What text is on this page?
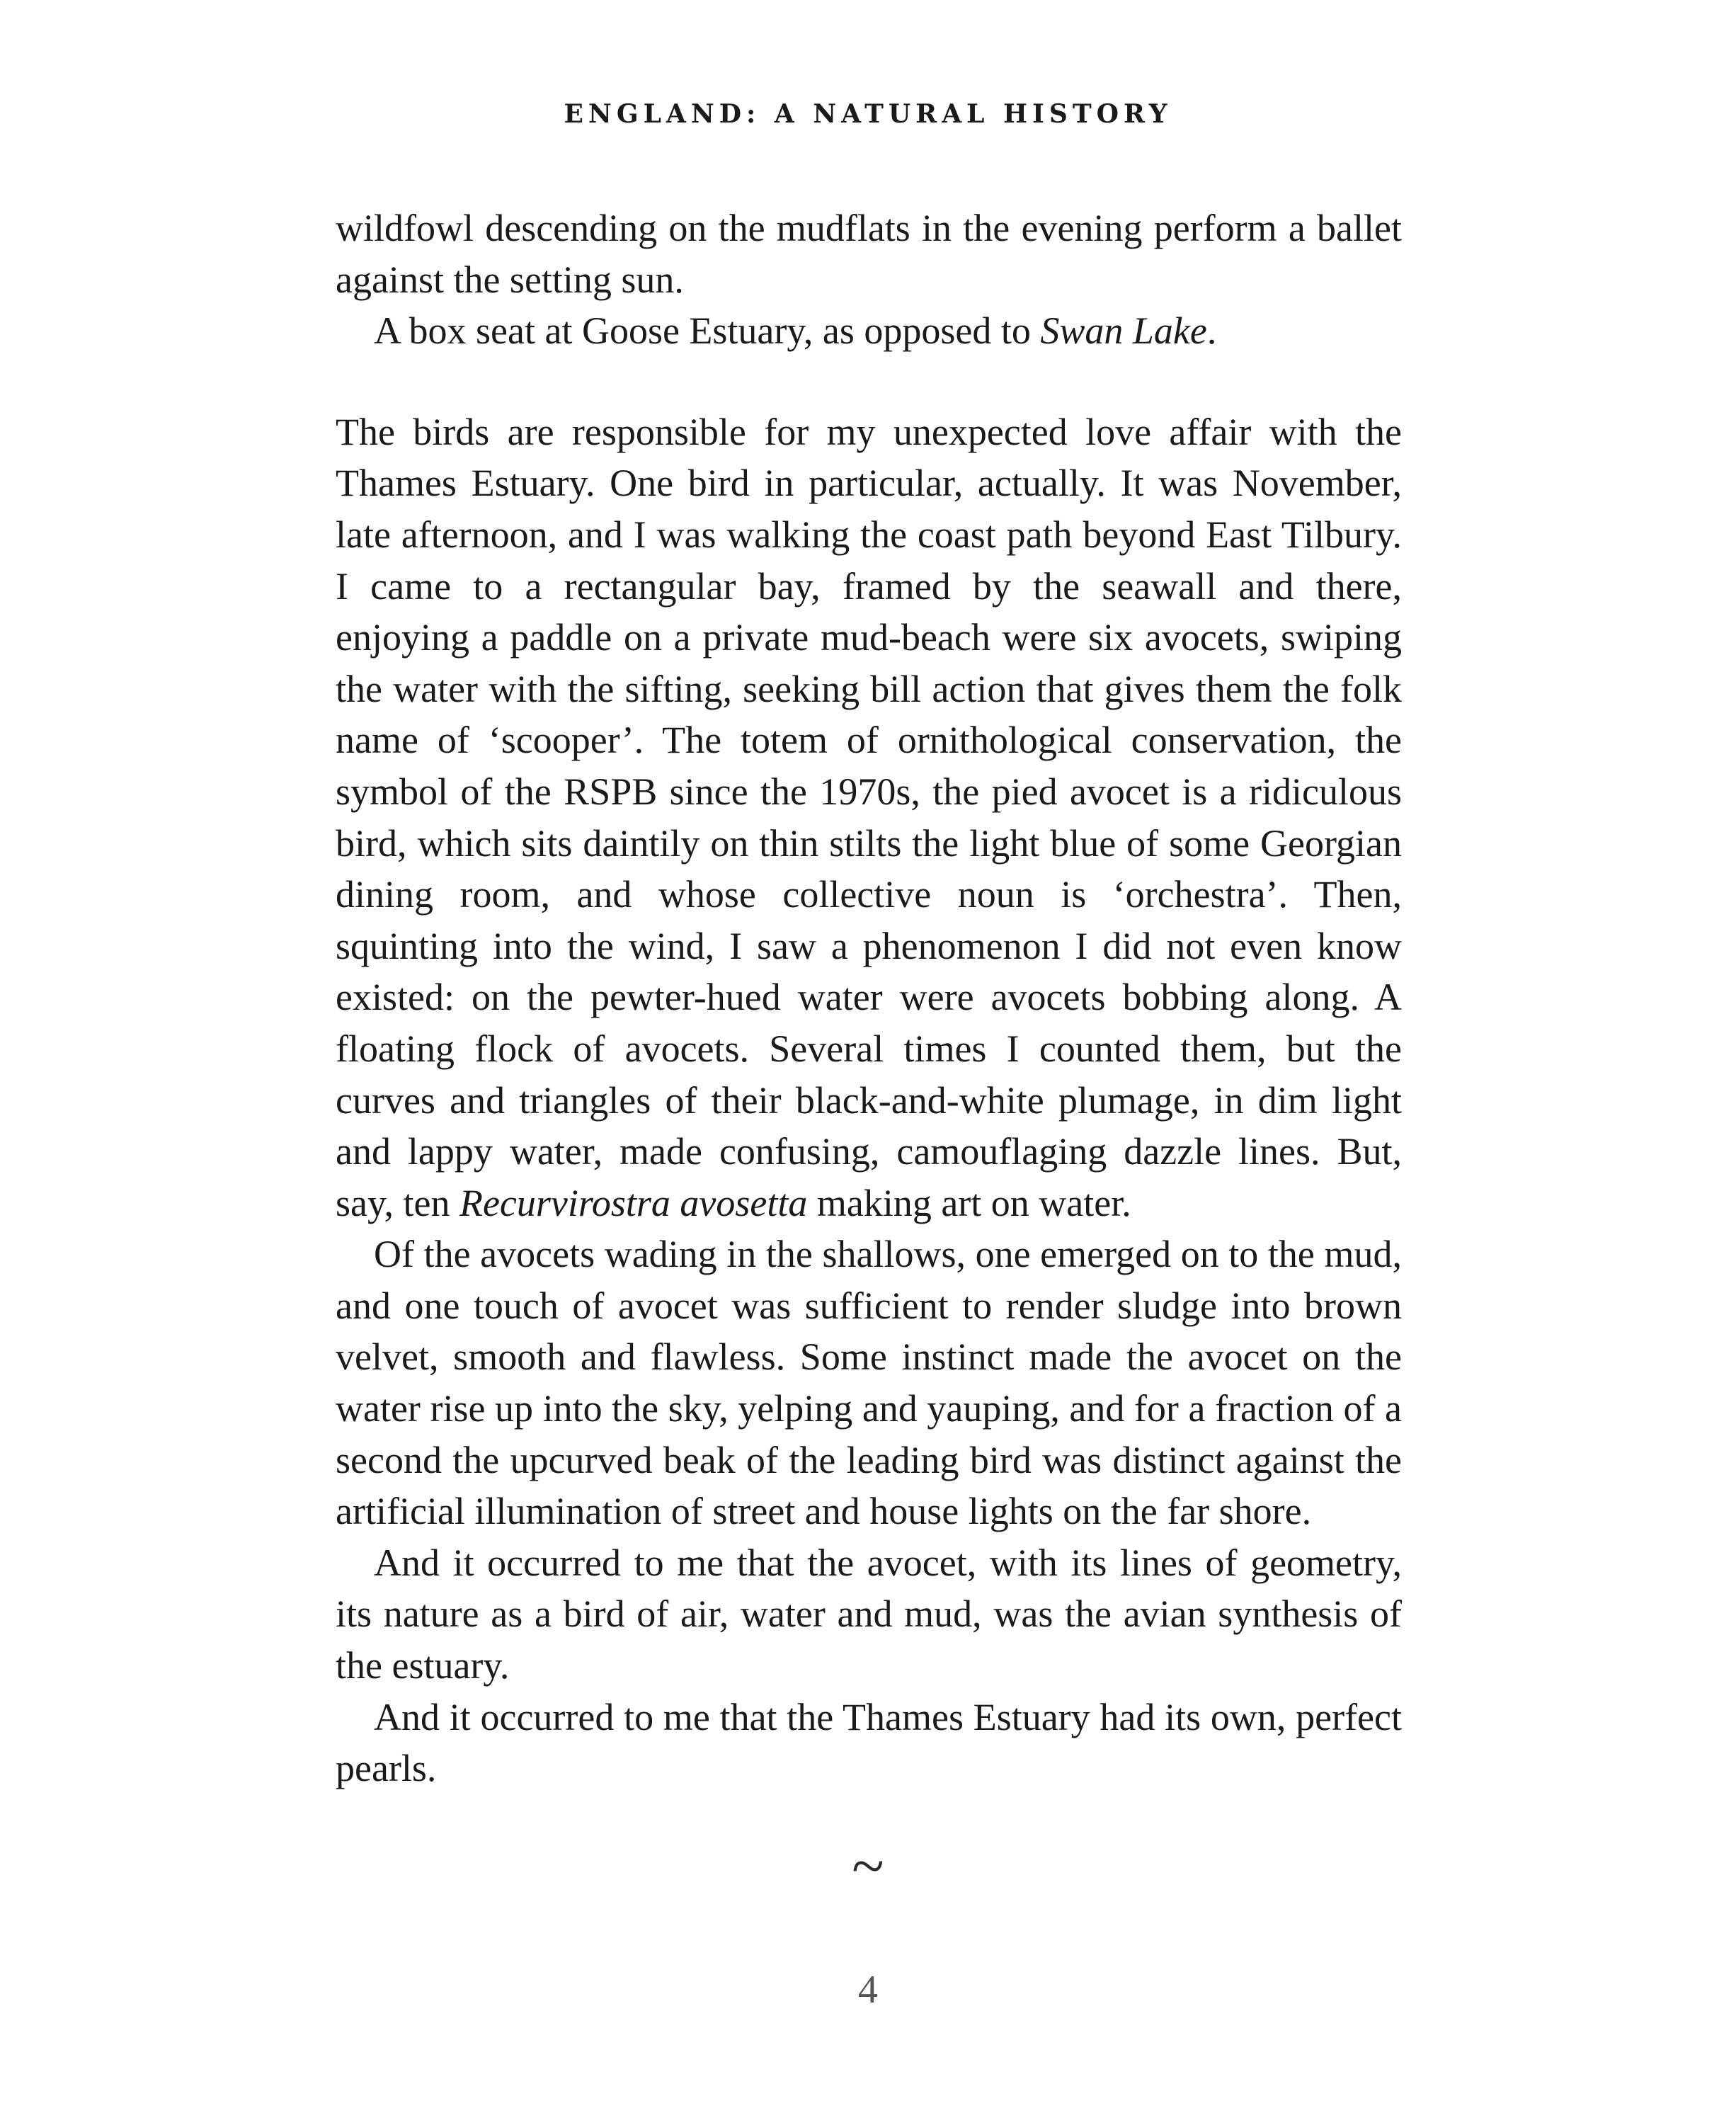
ENGLAND: A NATURAL HISTORY

wildfowl descending on the mudflats in the evening perform a ballet against the setting sun.

A box seat at Goose Estuary, as opposed to Swan Lake.

The birds are responsible for my unexpected love affair with the Thames Estuary. One bird in particular, actually. It was November, late afternoon, and I was walking the coast path beyond East Tilbury. I came to a rectangular bay, framed by the seawall and there, enjoying a paddle on a private mud-beach were six avocets, swiping the water with the sifting, seeking bill action that gives them the folk name of ‘scooper’. The totem of ornithological conservation, the symbol of the RSPB since the 1970s, the pied avocet is a ridiculous bird, which sits daintily on thin stilts the light blue of some Georgian dining room, and whose collective noun is ‘orchestra’. Then, squinting into the wind, I saw a phenomenon I did not even know existed: on the pewter-hued water were avocets bobbing along. A floating flock of avocets. Several times I counted them, but the curves and triangles of their black-and-white plumage, in dim light and lappy water, made confusing, camouflaging dazzle lines. But, say, ten Recurvirostra avosetta making art on water.

Of the avocets wading in the shallows, one emerged on to the mud, and one touch of avocet was sufficient to render sludge into brown velvet, smooth and flawless. Some instinct made the avocet on the water rise up into the sky, yelping and yauping, and for a fraction of a second the upcurved beak of the leading bird was distinct against the artificial illumination of street and house lights on the far shore.

And it occurred to me that the avocet, with its lines of geometry, its nature as a bird of air, water and mud, was the avian synthesis of the estuary.

And it occurred to me that the Thames Estuary had its own, perfect pearls.

~
4
